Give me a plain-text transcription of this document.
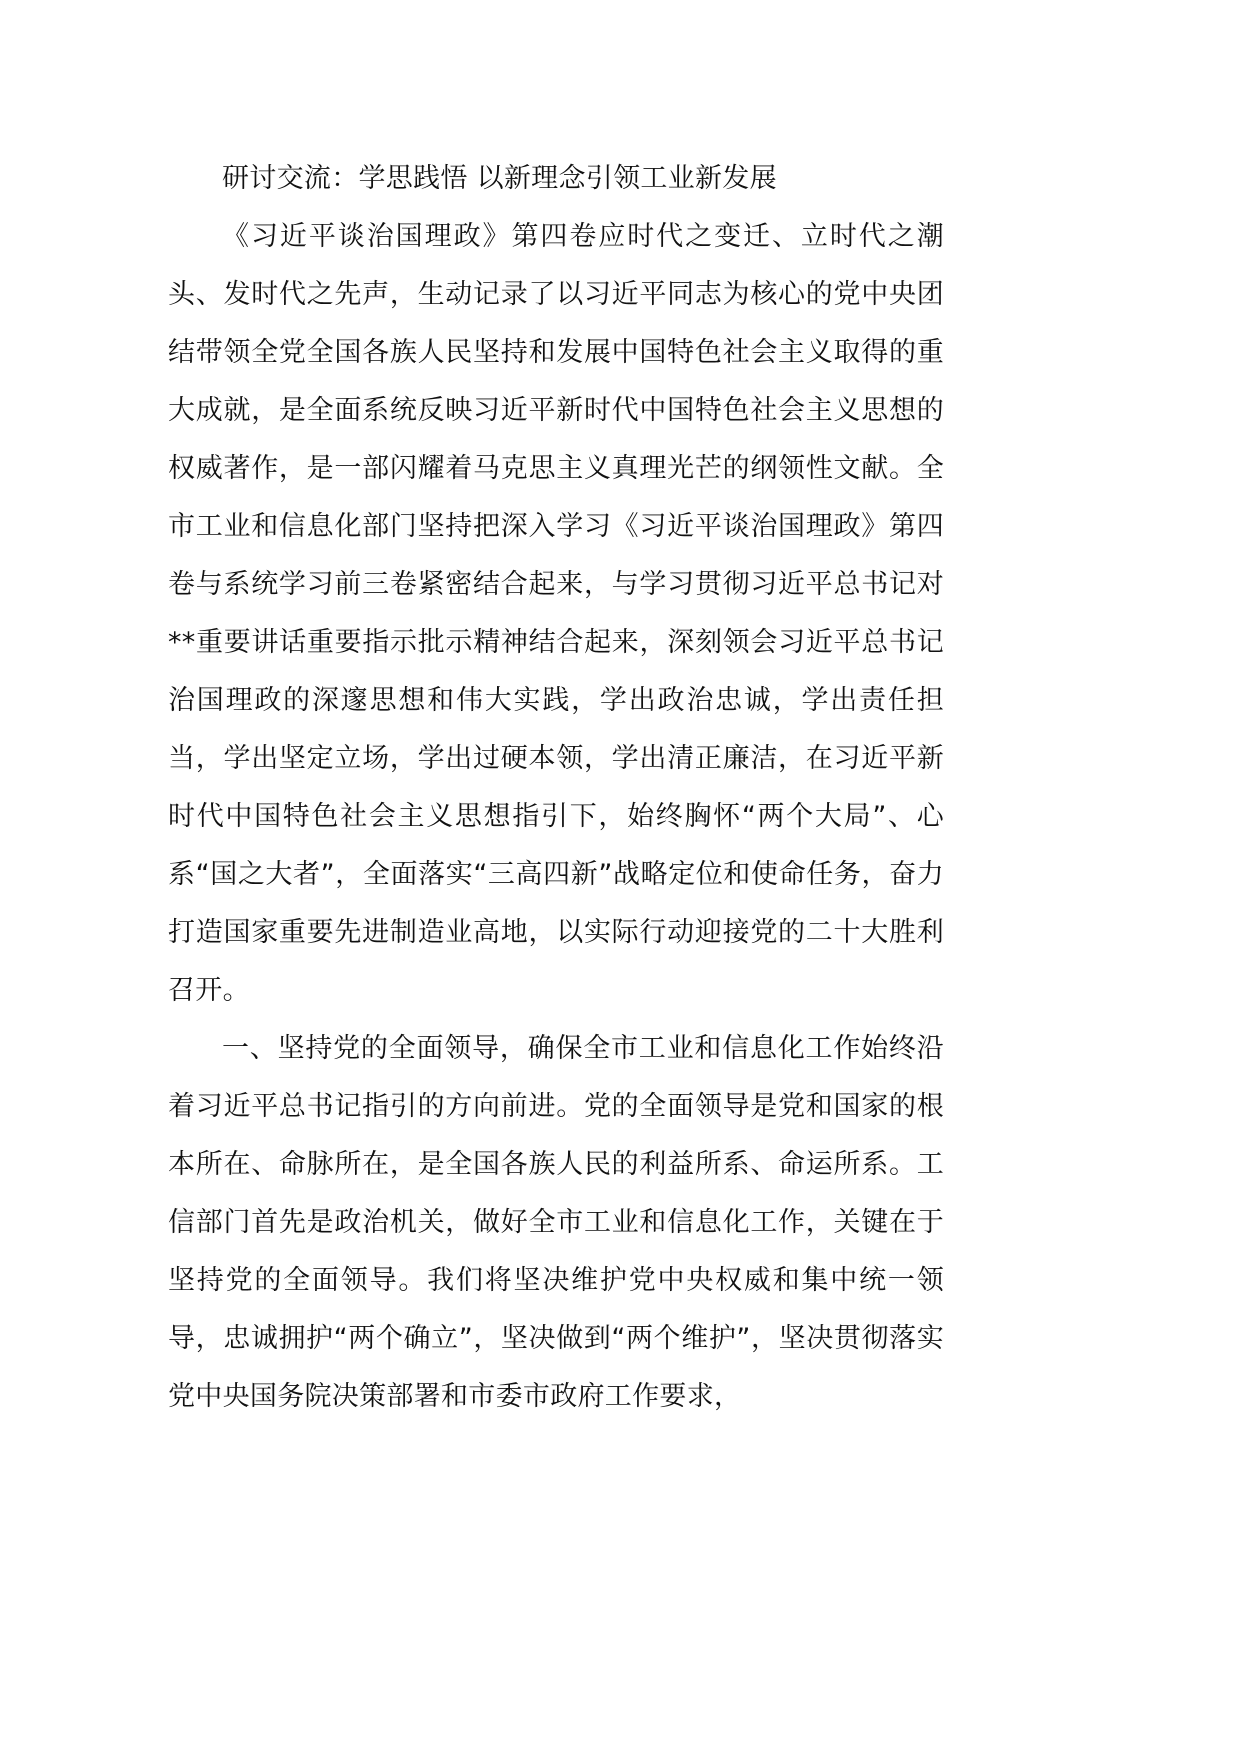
研讨交流：学思践悟 以新理念引领工业新发展

《习近平谈治国理政》第四卷应时代之变迁、立时代之潮头、发时代之先声，生动记录了以习近平同志为核心的党中央团结带领全党全国各族人民坚持和发展中国特色社会主义取得的重大成就，是全面系统反映习近平新时代中国特色社会主义思想的权威著作，是一部闪耀着马克思主义真理光芒的纲领性文献。全市工业和信息化部门坚持把深入学习《习近平谈治国理政》第四卷与系统学习前三卷紧密结合起来，与学习贯彻习近平总书记对**重要讲话重要指示批示精神结合起来，深刻领会习近平总书记治国理政的深邃思想和伟大实践，学出政治忠诚，学出责任担当，学出坚定立场，学出过硬本领，学出清正廉洁，在习近平新时代中国特色社会主义思想指引下，始终胸怀“两个大局”、心系“国之大者”，全面落实“三高四新”战略定位和使命任务，奋力打造国家重要先进制造业高地，以实际行动迎接党的二十大胜利召开。

一、坚持党的全面领导，确保全市工业和信息化工作始终沿着习近平总书记指引的方向前进。党的全面领导是党和国家的根本所在、命脉所在，是全国各族人民的利益所系、命运所系。工信部门首先是政治机关，做好全市工业和信息化工作，关键在于坚持党的全面领导。我们将坚决维护党中央权威和集中统一领导，忠诚拥护“两个确立”，坚决做到“两个维护”，坚决贯彻落实党中央国务院决策部署和市委市政府工作要求，
